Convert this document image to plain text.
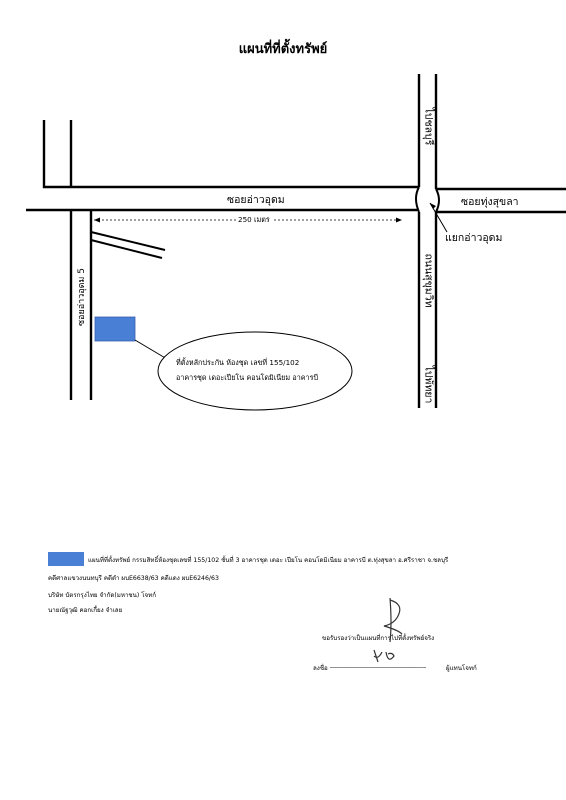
แผนที่ที่ตั้งทรัพย์
ซอยอ่าวอุดม	ซอยทุ่งสุขลา
250 เมตร
แยกอ่าวอุดม
ถนนสุขุมวิท
ไปชลบุรี
ไปพัทยา
ซอยอ่าวอุดม 5
ที่ตั้งหลักประกัน ห้องชุด เลขที่ 155/102
อาคารชุด เดอะเปียโน คอนโดมิเนียม อาคารบี
แผนที่ที่ตั้งทรัพย์ กรรมสิทธิ์ห้องชุดเลขที่ 155/102 ชั้นที่ 3 อาคารชุด เดอะ เปียโน คอนโดมิเนียม อาคารบี ต.ทุ่งสุขลา อ.ศรีราชา จ.ชลบุรี
คดีศาลแขวงนนทบุรี คดีดำ ผบE6638/63 คดีแดง ผบE6246/63
บริษัท บัตรกรุงไทย จำกัด(มหาชน) โจทก์
นายณัฐวุฒิ คอกเกี้ยง จำเลย
ขอรับรองว่าเป็นแผนที่การไปที่ตั้งทรัพย์จริง
ลงชื่อ
_______________________________
ผู้แทนโจทก์
